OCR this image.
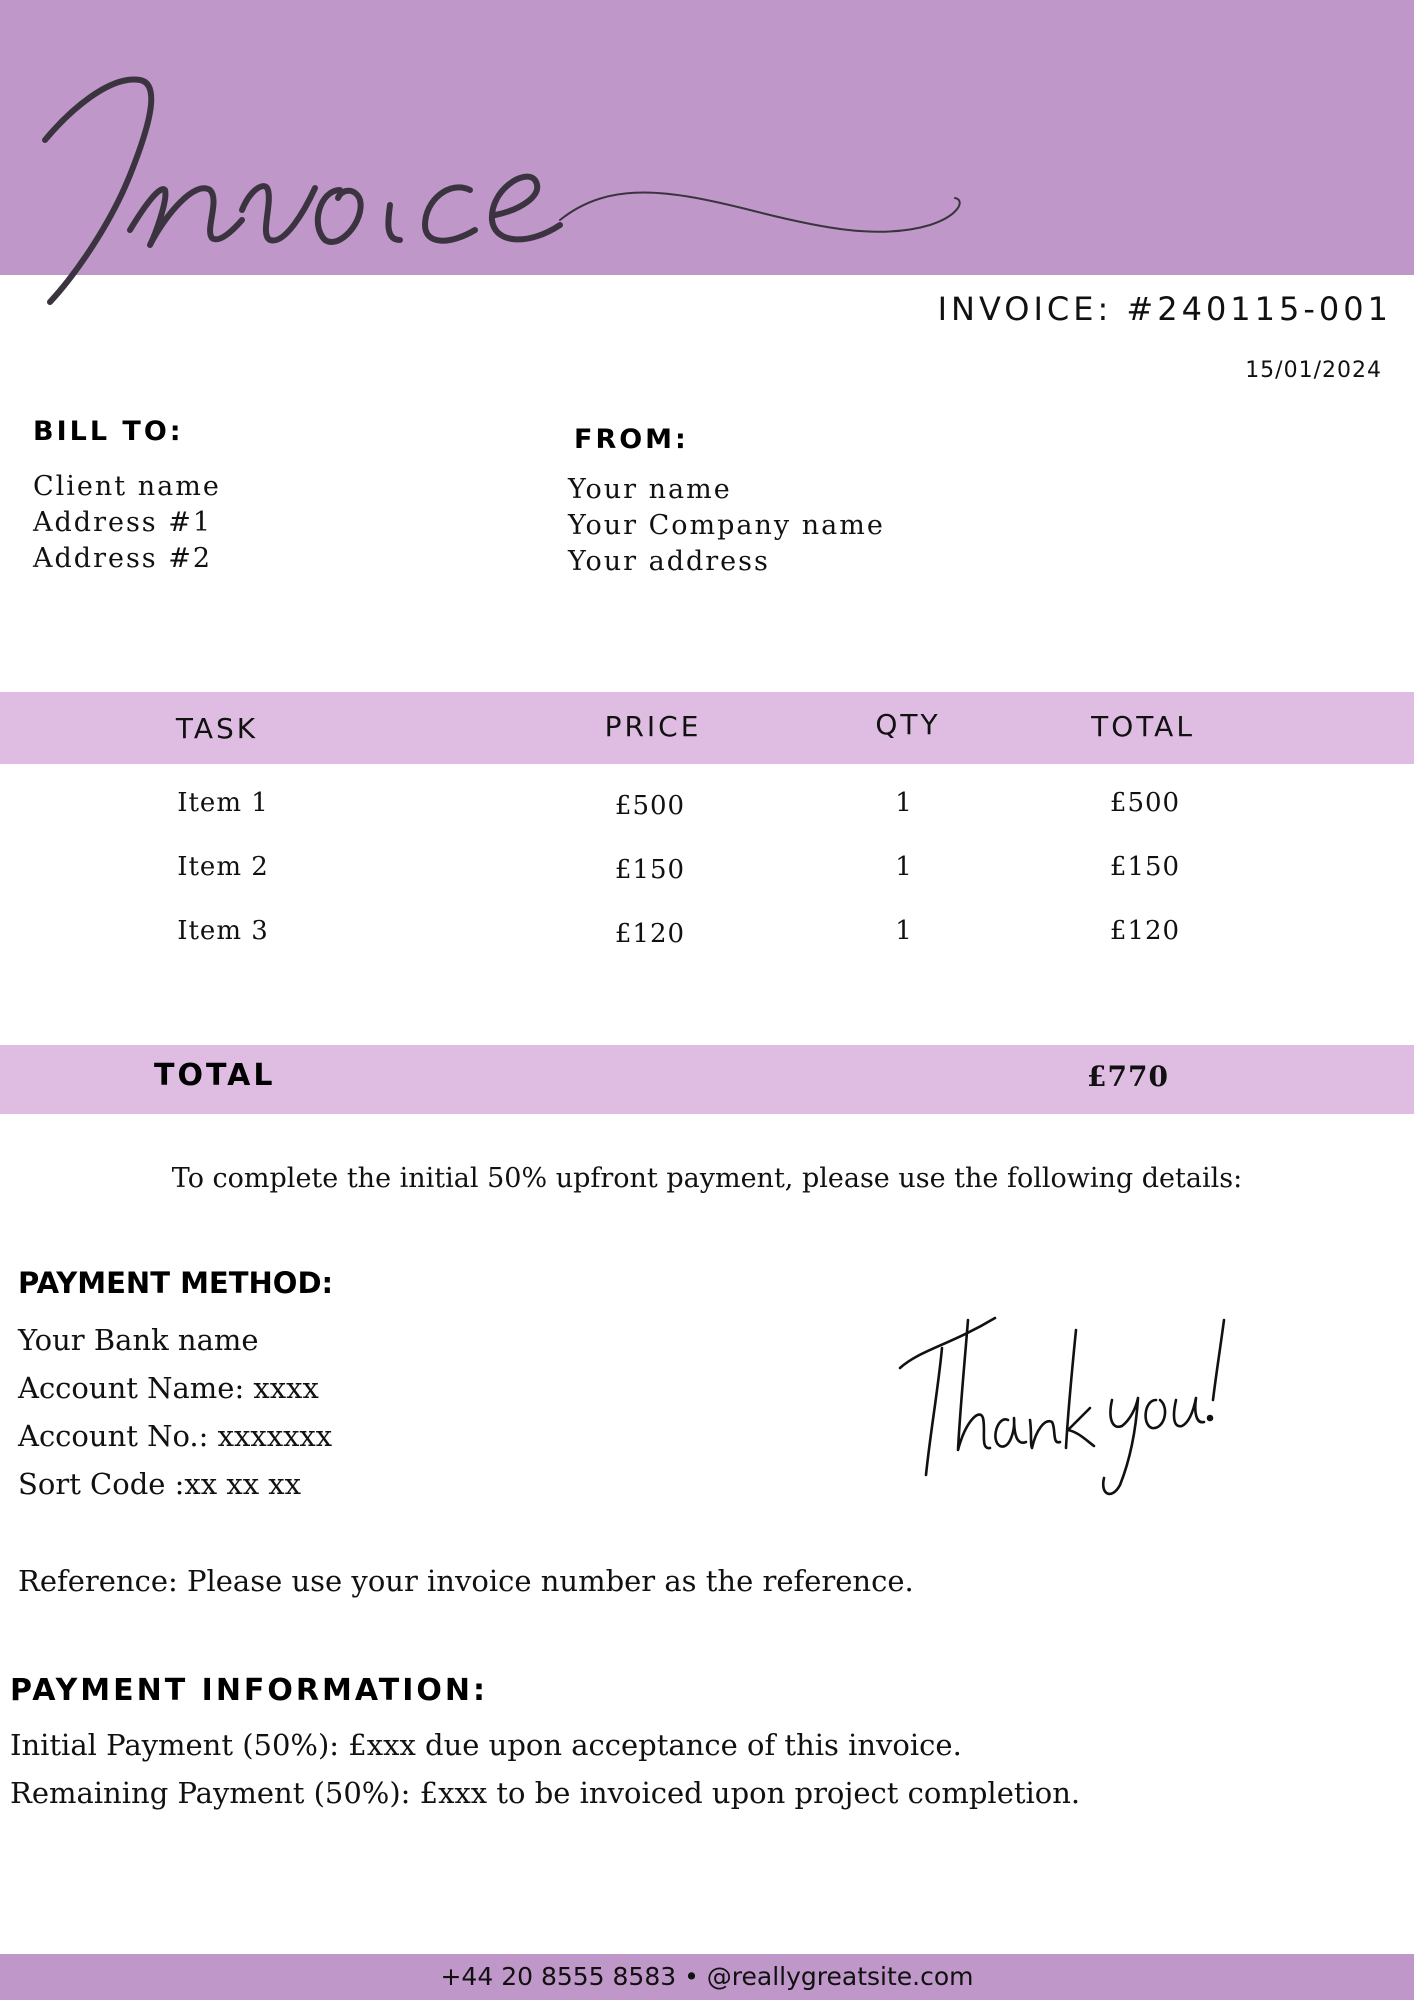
INVOICE: #240115-001
15/01/2024
BILL TO:
Client name
Address #1
Address #2
FROM:
Your name
Your Company name
Your address
TASK	PRICE	QTY	TOTAL
Item 1	£500	1	£500
Item 2	£150	1	£150
Item 3	£120	1	£120
TOTAL	£770
To complete the initial 50% upfront payment, please use the following details:
PAYMENT METHOD:
Your Bank name
Account Name: xxxx
Account No.: xxxxxxx
Sort Code :xx xx xx
Reference: Please use your invoice number as the reference.
PAYMENT INFORMATION:
Initial Payment (50%): £xxx due upon acceptance of this invoice.
Remaining Payment (50%): £xxx to be invoiced upon project completion.
+44 20 8555 8583 • @reallygreatsite.com
